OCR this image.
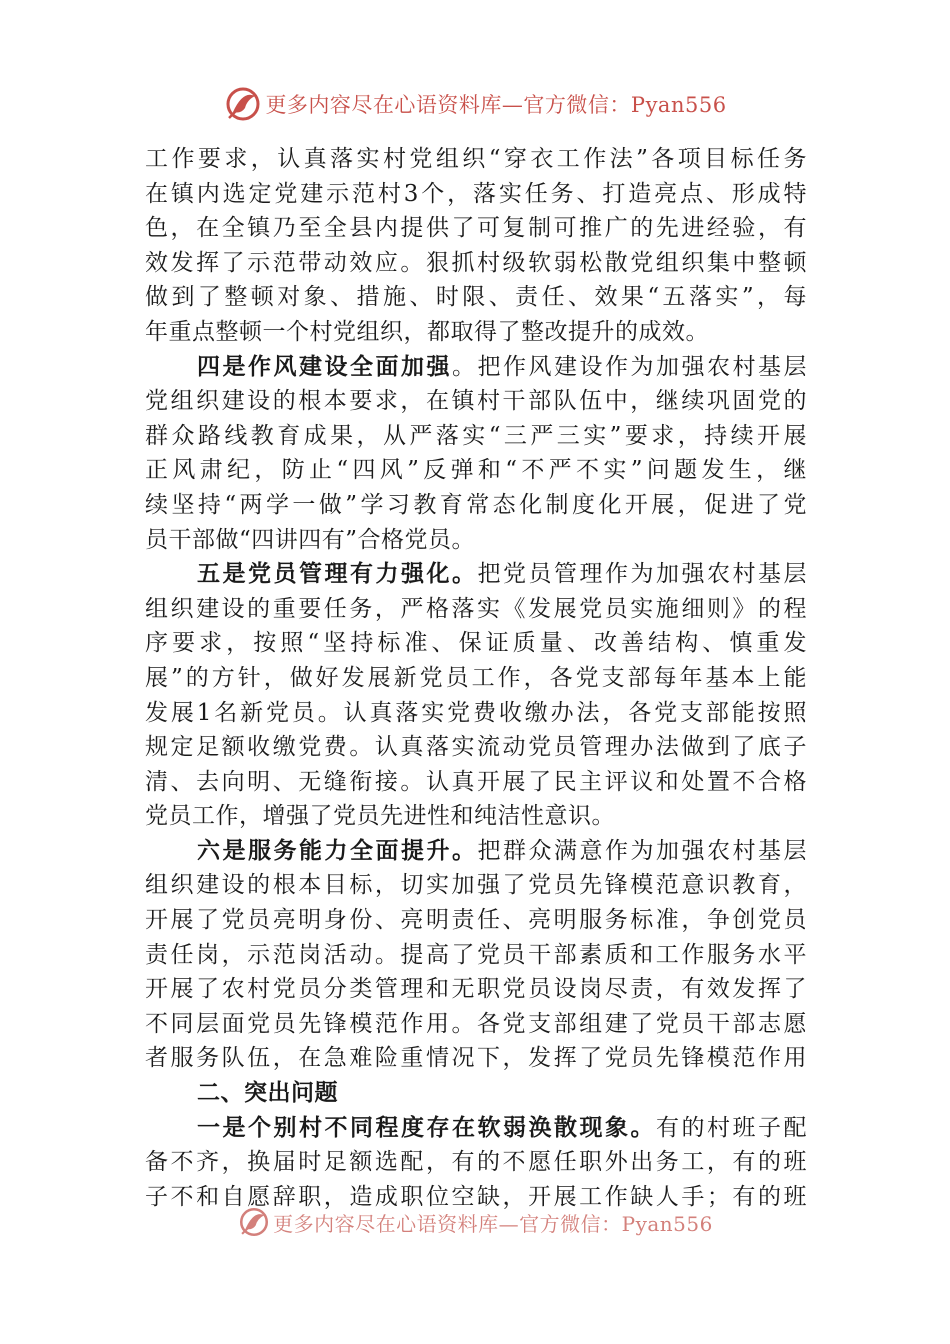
更多内容尽在心语资料库—官方微信：Pyan556
工作要求，认真落实村党组织“穿衣工作法”各项目标任务
在镇内选定党建示范村3个，落实任务、打造亮点、形成特
色，在全镇乃至全县内提供了可复制可推广的先进经验，有
效发挥了示范带动效应。狠抓村级软弱松散党组织集中整顿
做到了整顿对象、措施、时限、责任、效果“五落实”，每
年重点整顿一个村党组织，都取得了整改提升的成效。
四是作风建设全面加强。把作风建设作为加强农村基层
党组织建设的根本要求，在镇村干部队伍中，继续巩固党的
群众路线教育成果，从严落实“三严三实”要求，持续开展
正风肃纪，防止“四风”反弹和“不严不实”问题发生，继
续坚持“两学一做”学习教育常态化制度化开展，促进了党
员干部做“四讲四有”合格党员。
五是党员管理有力强化。把党员管理作为加强农村基层
组织建设的重要任务，严格落实《发展党员实施细则》的程
序要求，按照“坚持标准、保证质量、改善结构、慎重发
展”的方针，做好发展新党员工作，各党支部每年基本上能
发展1名新党员。认真落实党费收缴办法，各党支部能按照
规定足额收缴党费。认真落实流动党员管理办法做到了底子
清、去向明、无缝衔接。认真开展了民主评议和处置不合格
党员工作，增强了党员先进性和纯洁性意识。
六是服务能力全面提升。把群众满意作为加强农村基层
组织建设的根本目标，切实加强了党员先锋模范意识教育，
开展了党员亮明身份、亮明责任、亮明服务标准，争创党员
责任岗，示范岗活动。提高了党员干部素质和工作服务水平
开展了农村党员分类管理和无职党员设岗尽责，有效发挥了
不同层面党员先锋模范作用。各党支部组建了党员干部志愿
者服务队伍，在急难险重情况下，发挥了党员先锋模范作用
二、突出问题
一是个别村不同程度存在软弱涣散现象。有的村班子配
备不齐，换届时足额选配，有的不愿任职外出务工，有的班
子不和自愿辞职，造成职位空缺，开展工作缺人手；有的班
更多内容尽在心语资料库—官方微信：Pyan556
